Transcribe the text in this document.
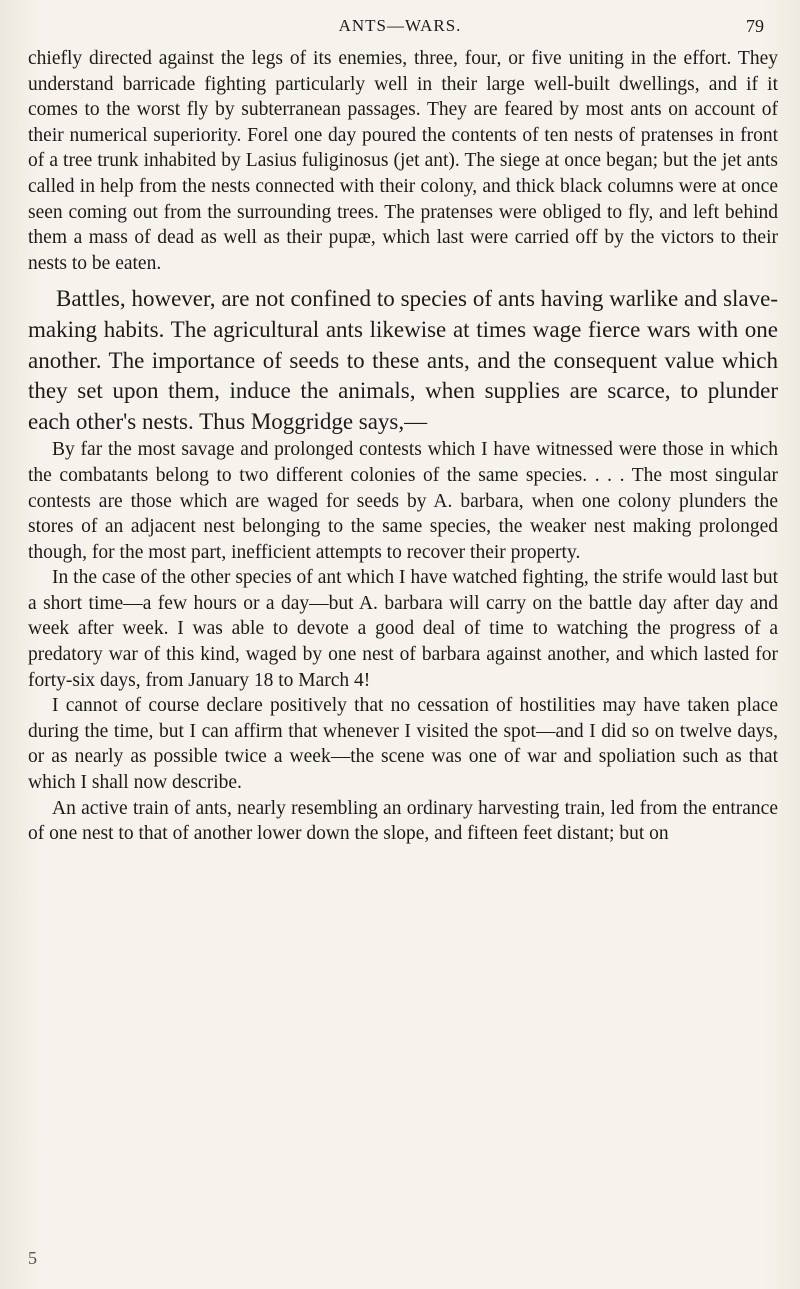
ANTS—WARS.	79

chiefly directed against the legs of its enemies, three, four, or five uniting in the effort. They understand barricade fighting particularly well in their large well-built dwellings, and if it comes to the worst fly by subterranean passages. They are feared by most ants on account of their numerical superiority. Forel one day poured the contents of ten nests of pratenses in front of a tree trunk inhabited by Lasius fuliginosus (jet ant). The siege at once began; but the jet ants called in help from the nests connected with their colony, and thick black columns were at once seen coming out from the surrounding trees. The pratenses were obliged to fly, and left behind them a mass of dead as well as their pupæ, which last were carried off by the victors to their nests to be eaten.

Battles, however, are not confined to species of ants having warlike and slave-making habits. The agricultural ants likewise at times wage fierce wars with one another. The importance of seeds to these ants, and the consequent value which they set upon them, induce the animals, when supplies are scarce, to plunder each other's nests. Thus Moggridge says,—

By far the most savage and prolonged contests which I have witnessed were those in which the combatants belong to two different colonies of the same species. . . . The most singular contests are those which are waged for seeds by A. barbara, when one colony plunders the stores of an adjacent nest belonging to the same species, the weaker nest making prolonged though, for the most part, inefficient attempts to recover their property.

In the case of the other species of ant which I have watched fighting, the strife would last but a short time—a few hours or a day—but A. barbara will carry on the battle day after day and week after week. I was able to devote a good deal of time to watching the progress of a predatory war of this kind, waged by one nest of barbara against another, and which lasted for forty-six days, from January 18 to March 4!

I cannot of course declare positively that no cessation of hostilities may have taken place during the time, but I can affirm that whenever I visited the spot—and I did so on twelve days, or as nearly as possible twice a week—the scene was one of war and spoliation such as that which I shall now describe.

An active train of ants, nearly resembling an ordinary harvesting train, led from the entrance of one nest to that of another lower down the slope, and fifteen feet distant; but on

5
